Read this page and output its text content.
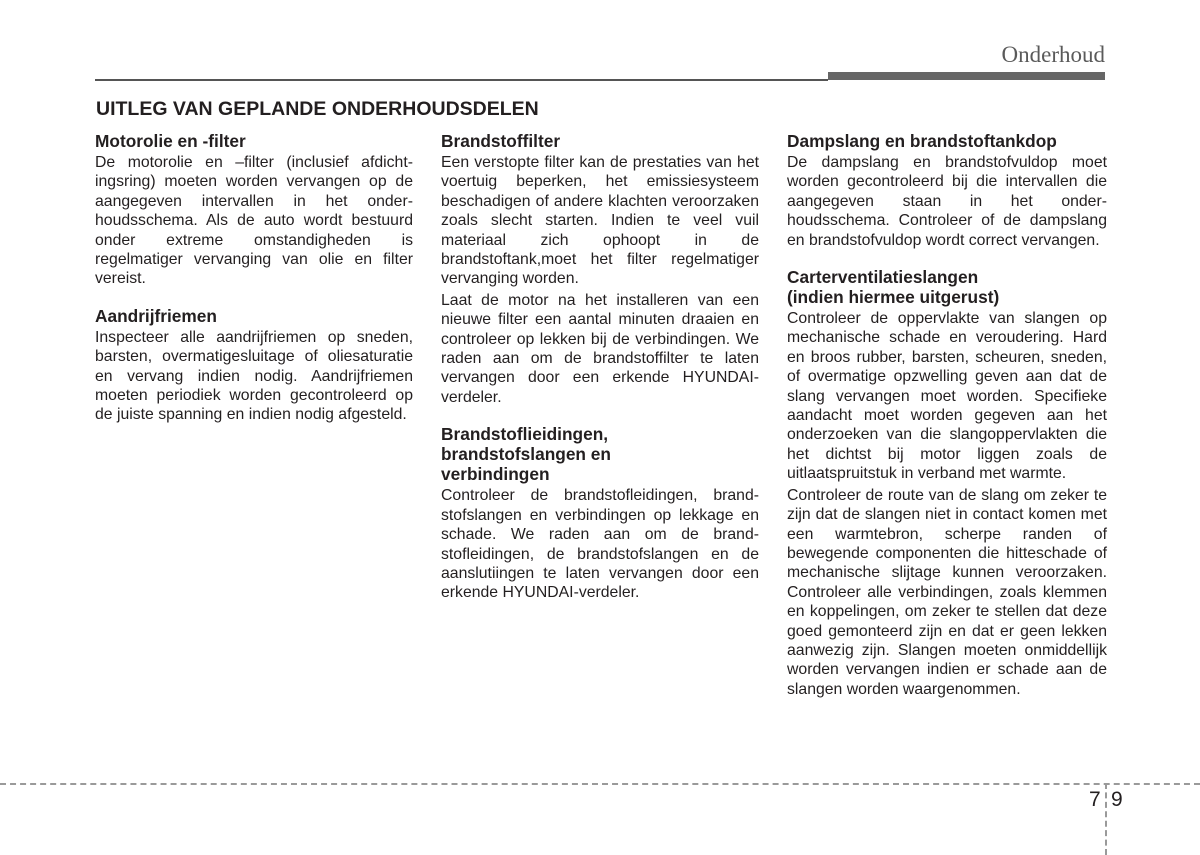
Onderhoud
UITLEG VAN GEPLANDE ONDERHOUDSDELEN
Motorolie en -filter

De motorolie en –filter (inclusief afdichtingsring) moeten worden vervangen op de aangegeven intervallen in het onderhoudsschema. Als de auto wordt bestuurd onder extreme omstandigheden is regelmatiger vervanging van olie en filter vereist.

Aandrijfriemen

Inspecteer alle aandrijfriemen op sneden, barsten, overmatigesluitage of oliesaturatie en vervang indien nodig. Aandrijfriemen moeten periodiek worden gecontroleerd op de juiste spanning en indien nodig afgesteld.

Brandstoffilter

Een verstopte filter kan de prestaties van het voertuig beperken, het emissiesysteem beschadigen of andere klachten veroorzaken zoals slecht starten. Indien te veel vuil materiaal zich ophoopt in de brandstoftank,moet het filter regelmatiger vervanging worden.

Laat de motor na het installeren van een nieuwe filter een aantal minuten draaien en controleer op lekken bij de verbindingen. We raden aan om de brandstoffilter te laten vervangen door een erkende HYUNDAI-verdeler.

Brandstoflieidingen,
brandstofslangen en
verbindingen

Controleer de brandstofleidingen, brandstofslangen en verbindingen op lekkage en schade. We raden aan om de brandstofleidingen, de brandstofslangen en de aanslutiingen te laten vervangen door een erkende HYUNDAI-verdeler.

Dampslang en brandstoftankdop

De dampslang en brandstofvuldop moet worden gecontroleerd bij die intervallen die aangegeven staan in het onderhoudsschema. Controleer of de dampslang en brandstofvuldop wordt correct vervangen.

Carterventilatieslangen
(indien hiermee uitgerust)

Controleer de oppervlakte van slangen op mechanische schade en veroudering. Hard en broos rubber, barsten, scheuren, sneden, of overmatige opzwelling geven aan dat de slang vervangen moet worden. Specifieke aandacht moet worden gegeven aan het onderzoeken van die slangoppervlakten die het dichtst bij motor liggen zoals de uitlaatspruitstuk in verband met warmte.

Controleer de route van de slang om zeker te zijn dat de slangen niet in contact komen met een warmtebron, scherpe randen of bewegende componenten die hitteschade of mechanische slijtage kunnen veroorzaken. Controleer alle verbindingen, zoals klemmen en koppelingen, om zeker te stellen dat deze goed gemonteerd zijn en dat er geen lekken aanwezig zijn. Slangen moeten onmiddellijk worden vervangen indien er schade aan de slangen worden waargenommen.

7 9
